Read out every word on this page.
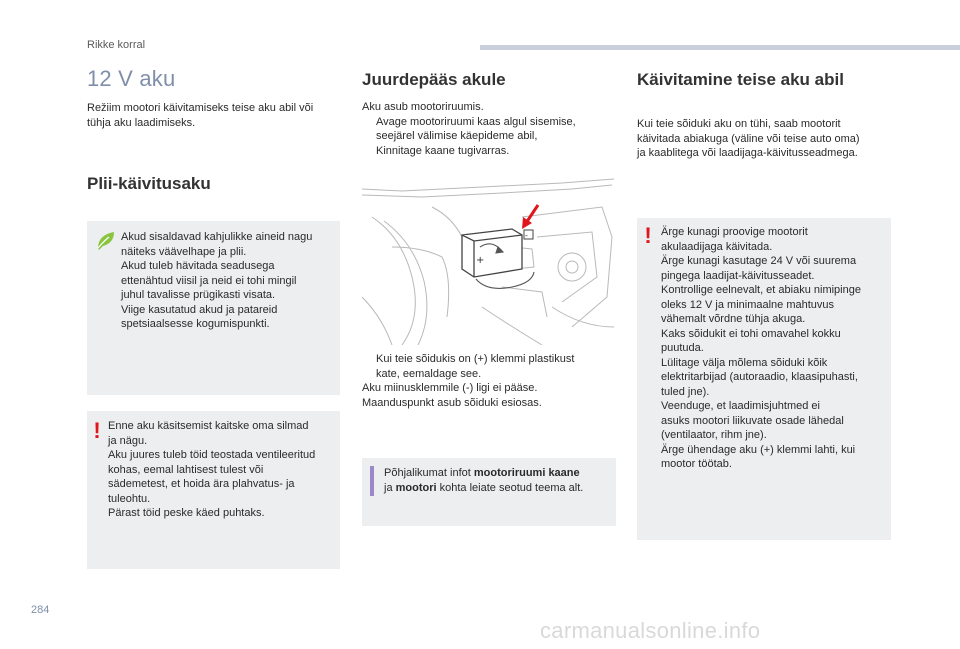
Rikke korral
12 V aku
Režiim mootori käivitamiseks teise aku abil või
tühja aku laadimiseks.
Plii-käivitusaku
Akud sisaldavad kahjulikke aineid nagu
näiteks väävelhape ja plii.
Akud tuleb hävitada seadusega
ettenähtud viisil ja neid ei tohi mingil
juhul tavalisse prügikasti visata.
Viige kasutatud akud ja patareid
spetsiaalsesse kogumispunkti.
! Enne aku käsitsemist kaitske oma silmad
ja nägu.
Aku juures tuleb töid teostada ventileeritud
kohas, eemal lahtisest tulest või
sädemetest, et hoida ära plahvatus- ja
tuleohtu.
Pärast töid peske käed puhtaks.
Juurdepääs akule
Aku asub mootoriruumis.
Avage mootoriruumi kaas algul sisemise,
seejärel välimise käepideme abil,
Kinnitage kaane tugivarras.
+
-
Kui teie sõidukis on (+) klemmi plastikust
kate, eemaldage see.
Aku miinusklemmile (-) ligi ei pääse.
Maanduspunkt asub sõiduki esiosas.
Põhjalikumat infot mootoriruumi kaane
ja mootori kohta leiate seotud teema alt.
Käivitamine teise aku abil
Kui teie sõiduki aku on tühi, saab mootorit
käivitada abiakuga (väline või teise auto oma)
ja kaablitega või laadijaga-käivitusseadmega.
! Ärge kunagi proovige mootorit
akulaadijaga käivitada.
Ärge kunagi kasutage 24 V või suurema
pingega laadijat-käivitusseadet.
Kontrollige eelnevalt, et abiaku nimipinge
oleks 12 V ja minimaalne mahtuvus
vähemalt võrdne tühja akuga.
Kaks sõidukit ei tohi omavahel kokku
puutuda.
Lülitage välja mõlema sõiduki kõik
elektritarbijad (autoraadio, klaasipuhasti,
tuled jne).
Veenduge, et laadimisjuhtmed ei
asuks mootori liikuvate osade lähedal
(ventilaator, rihm jne).
Ärge ühendage aku (+) klemmi lahti, kui
mootor töötab.
284
carmanualsonline.info
